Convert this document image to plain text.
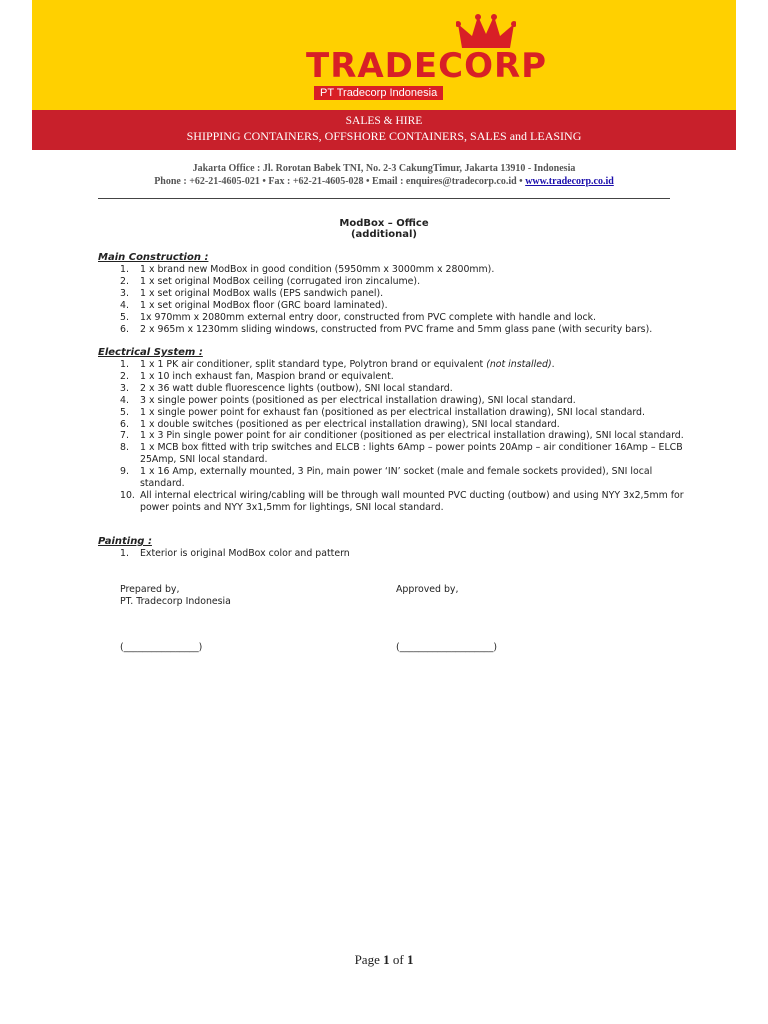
TRADECORP
PT Tradecorp Indonesia
SALES & HIRE
SHIPPING CONTAINERS, OFFSHORE CONTAINERS, SALES and LEASING
Jakarta Office : Jl. Rorotan Babek TNI, No. 2-3 CakungTimur, Jakarta 13910 - Indonesia
Phone : +62-21-4605-021 • Fax : +62-21-4605-028 • Email : enquires@tradecorp.co.id • www.tradecorp.co.id
ModBox – Office
(additional)
Main Construction :
1. 1 x brand new ModBox in good condition (5950mm x 3000mm x 2800mm).
2. 1 x set original ModBox ceiling (corrugated iron zincalume).
3. 1 x set original ModBox walls (EPS sandwich panel).
4. 1 x set original ModBox floor (GRC board laminated).
5. 1x 970mm x 2080mm external entry door, constructed from PVC complete with handle and lock.
6. 2 x 965m x 1230mm sliding windows, constructed from PVC frame and 5mm glass pane (with security bars).
Electrical System :
1. 1 x 1 PK air conditioner, split standard type, Polytron brand or equivalent (not installed).
2. 1 x 10 inch exhaust fan, Maspion brand or equivalent.
3. 2 x 36 watt duble fluorescence lights (outbow), SNI local standard.
4. 3 x single power points (positioned as per electrical installation drawing), SNI local standard.
5. 1 x single power point for exhaust fan (positioned as per electrical installation drawing), SNI local standard.
6. 1 x double switches (positioned as per electrical installation drawing), SNI local standard.
7. 1 x 3 Pin single power point for air conditioner (positioned as per electrical installation drawing), SNI local standard.
8. 1 x MCB box fitted with trip switches and ELCB : lights 6Amp – power points 20Amp – air conditioner 16Amp – ELCB 25Amp, SNI local standard.
9. 1 x 16 Amp, externally mounted, 3 Pin, main power ‘IN’ socket (male and female sockets provided), SNI local standard.
10. All internal electrical wiring/cabling will be through wall mounted PVC ducting (outbow) and using NYY 3x2,5mm for power points and NYY 3x1,5mm for lightings, SNI local standard.
Painting :
1. Exterior is original ModBox color and pattern
Prepared by,
PT. Tradecorp Indonesia
Approved by,
(________________)	(____________________)
Page 1 of 1
